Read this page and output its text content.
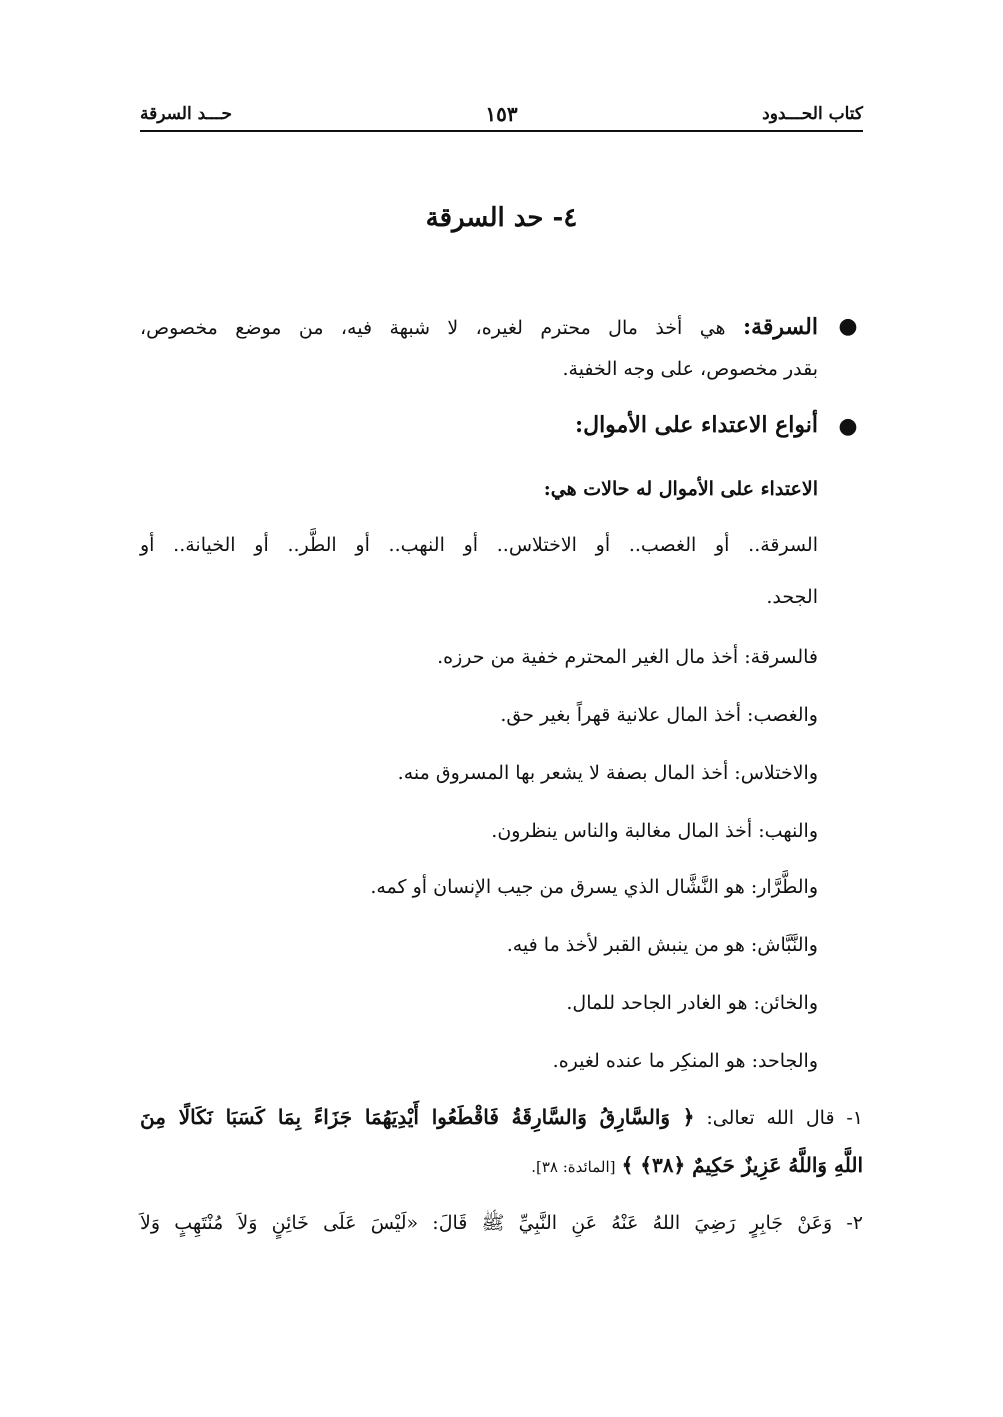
كتاب الحـــدود
١٥٣
حـــد السرقة
٤- حد السرقة
●
السرقة: هي أخذ مال محترم لغيره، لا شبهة فيه، من موضع مخصوص،
بقدر مخصوص، على وجه الخفية.
●
أنواع الاعتداء على الأموال:
الاعتداء على الأموال له حالات هي:
السرقة.. أو الغصب.. أو الاختلاس.. أو النهب.. أو الطَّر.. أو الخيانة.. أو
الجحد.
فالسرقة: أخذ مال الغير المحترم خفية من حرزه.
والغصب: أخذ المال علانية قهراً بغير حق.
والاختلاس: أخذ المال بصفة لا يشعر بها المسروق منه.
والنهب: أخذ المال مغالبة والناس ينظرون.
والطَّرَّار: هو النَّشَّال الذي يسرق من جيب الإنسان أو كمه.
والنَّبَّاش: هو من ينبش القبر لأخذ ما فيه.
والخائن: هو الغادر الجاحد للمال.
والجاحد: هو المنكِر ما عنده لغيره.
١- قال الله تعالى: ﴿ وَالسَّارِقُ وَالسَّارِقَةُ فَاقْطَعُوا أَيْدِيَهُمَا جَزَاءً بِمَا كَسَبَا نَكَالًا مِنَ
اللَّهِ وَاللَّهُ عَزِيزٌ حَكِيمٌ ﴿٣٨﴾ ﴾ [المائدة: ٣٨].
٢- وَعَنْ جَابِرٍ رَضِيَ اللهُ عَنْهُ عَنِ النَّبِيِّ ﷺ قَالَ: «لَيْسَ عَلَى خَائِنٍ وَلاَ مُنْتَهِبٍ وَلاَ
